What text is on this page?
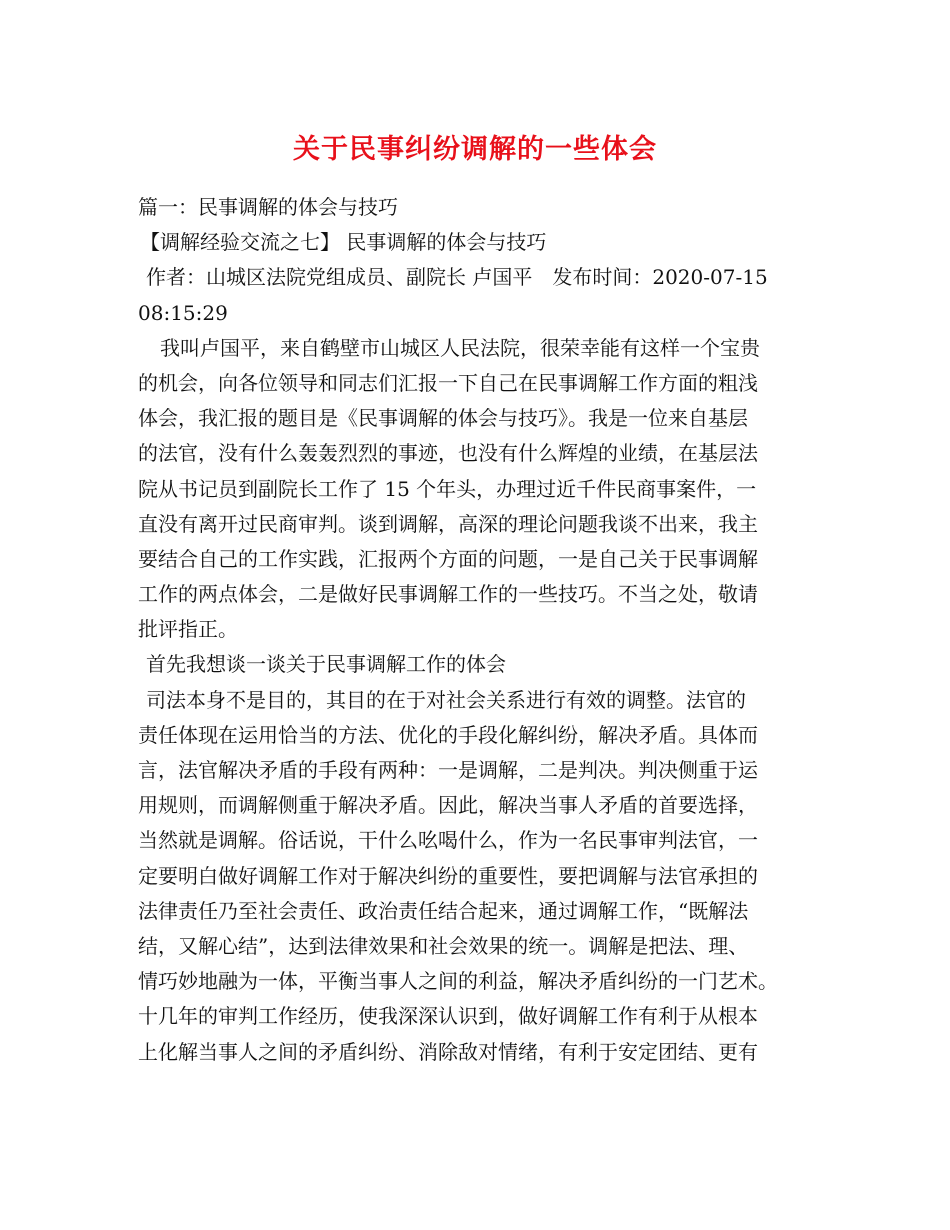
关于民事纠纷调解的一些体会
篇一：民事调解的体会与技巧
【调解经验交流之七】 民事调解的体会与技巧
作者：山城区法院党组成员、副院长 卢国平　发布时间：2020-07-15
08:15:29
我叫卢国平，来自鹤壁市山城区人民法院，很荣幸能有这样一个宝贵
的机会，向各位领导和同志们汇报一下自己在民事调解工作方面的粗浅
体会，我汇报的题目是《民事调解的体会与技巧》。我是一位来自基层
的法官，没有什么轰轰烈烈的事迹，也没有什么辉煌的业绩，在基层法
院从书记员到副院长工作了 15 个年头，办理过近千件民商事案件，一
直没有离开过民商审判。谈到调解，高深的理论问题我谈不出来，我主
要结合自己的工作实践，汇报两个方面的问题，一是自己关于民事调解
工作的两点体会，二是做好民事调解工作的一些技巧。不当之处，敬请
批评指正。
首先我想谈一谈关于民事调解工作的体会
司法本身不是目的，其目的在于对社会关系进行有效的调整。法官的
责任体现在运用恰当的方法、优化的手段化解纠纷，解决矛盾。具体而
言，法官解决矛盾的手段有两种：一是调解，二是判决。判决侧重于运
用规则，而调解侧重于解决矛盾。因此，解决当事人矛盾的首要选择，
当然就是调解。俗话说，干什么吆喝什么，作为一名民事审判法官，一
定要明白做好调解工作对于解决纠纷的重要性，要把调解与法官承担的
法律责任乃至社会责任、政治责任结合起来，通过调解工作，“既解法
结，又解心结”，达到法律效果和社会效果的统一。调解是把法、理、
情巧妙地融为一体，平衡当事人之间的利益，解决矛盾纠纷的一门艺术。
十几年的审判工作经历，使我深深认识到，做好调解工作有利于从根本
上化解当事人之间的矛盾纠纷、消除敌对情绪，有利于安定团结、更有
